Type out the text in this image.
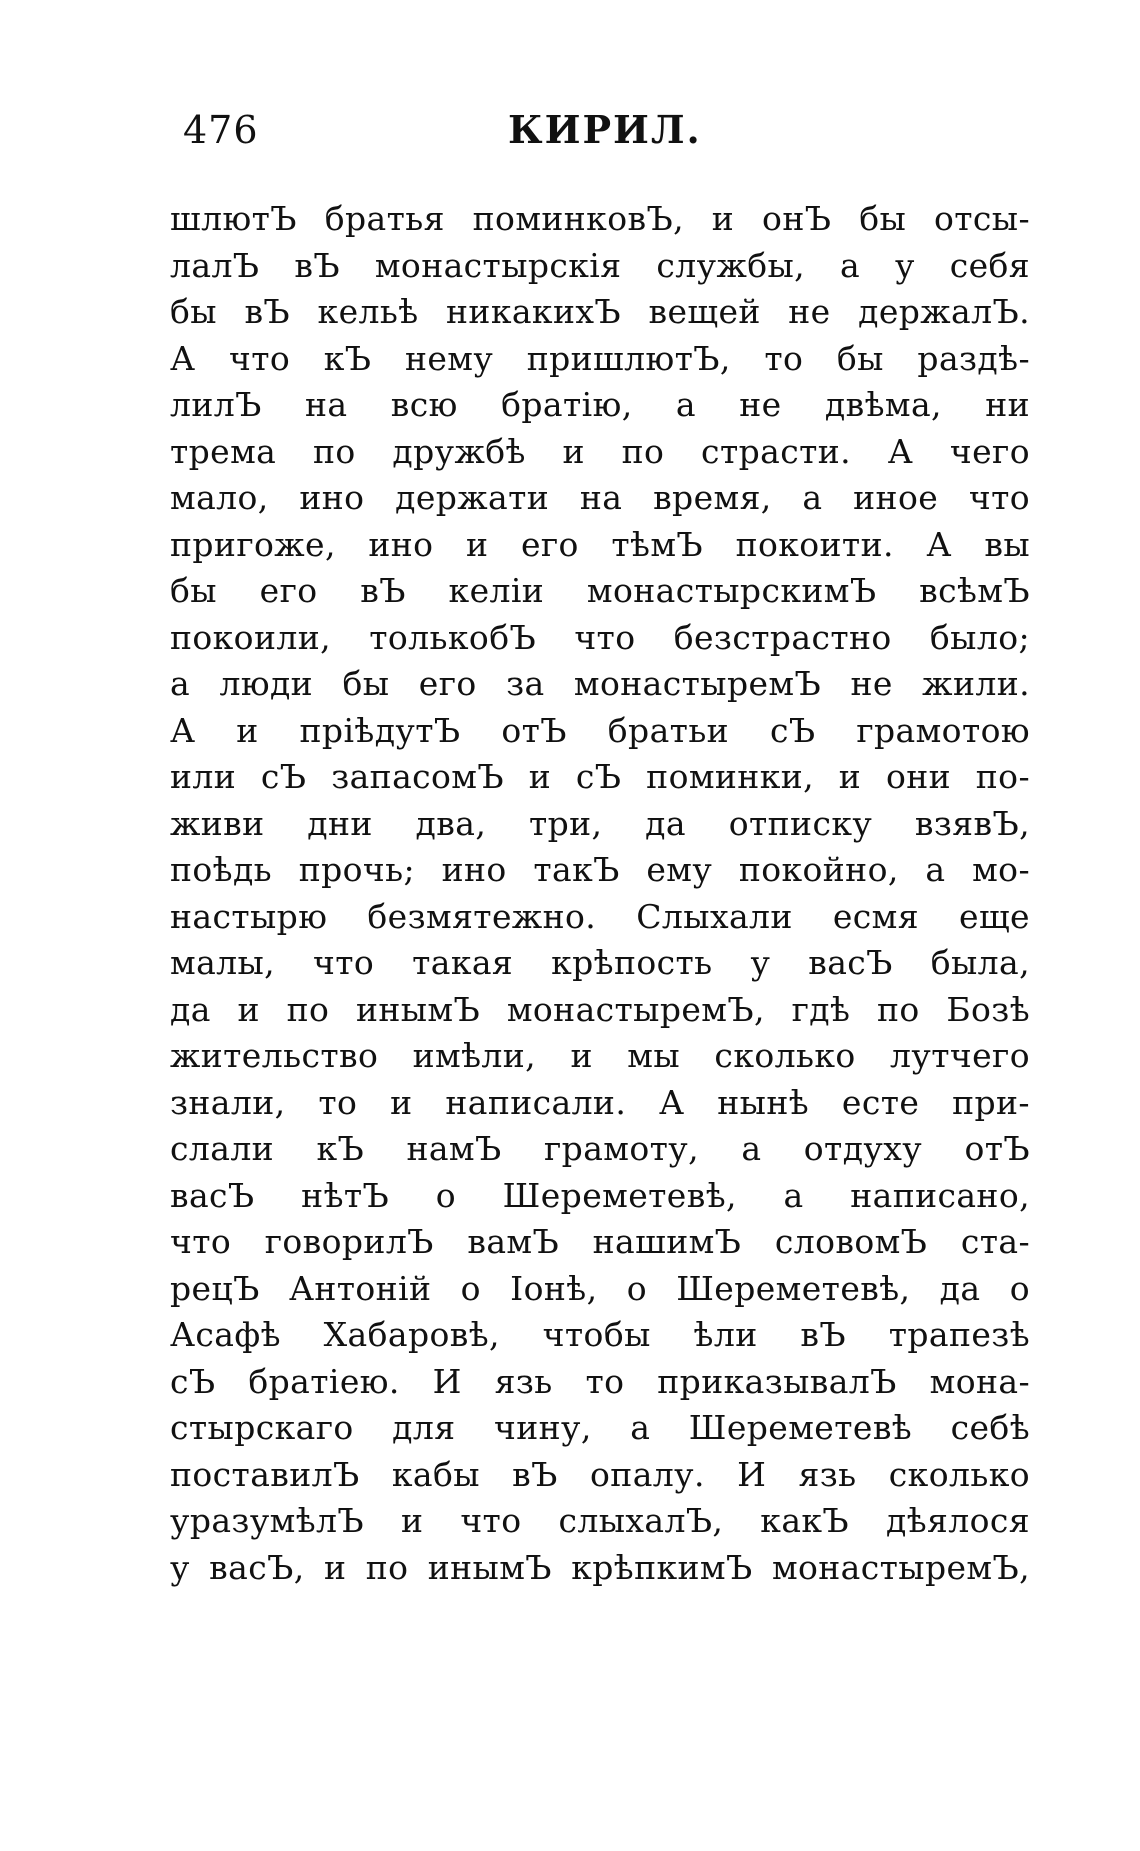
476	КИРИЛ.
шлютЪ братья поминковЪ, и онЪ бы отсы-
лалЪ вЪ монастырскія службы, а у себя
бы вЪ кельѣ никакихЪ вещей не держалЪ.
А что кЪ нему пришлютЪ, то бы раздѣ-
лилЪ на всю братію, а не двѣма, ни
трема по дружбѣ и по страсти. А чего
мало, ино держати на время, а иное что
пригоже, ино и его тѣмЪ покоити. А вы
бы его вЪ келіи монастырскимЪ всѣмЪ
покоили, толькобЪ что безстрастно было;
а люди бы его за монастыремЪ не жили.
А и пріѣдутЪ отЪ братьи сЪ грамотою
или сЪ запасомЪ и сЪ поминки, и они по-
живи дни два, три, да отписку взявЪ,
поѣдь прочь; ино такЪ ему покойно, а мо-
настырю безмятежно. Слыхали есмя еще
малы, что такая крѣпость у васЪ была,
да и по инымЪ монастыремЪ, гдѣ по Бозѣ
жительство имѣли, и мы сколько лутчего
знали, то и написали. А нынѣ есте при-
слали кЪ намЪ грамоту, а отдуху отЪ
васЪ нѣтЪ о Шереметевѣ, а написано,
что говорилЪ вамЪ нашимЪ словомЪ ста-
рецЪ Антоній о Іонѣ, о Шереметевѣ, да о
Асафѣ Хабаровѣ, чтобы ѣли вЪ трапезѣ
сЪ братіею. И язь то приказывалЪ мона-
стырскаго для чину, а Шереметевѣ себѣ
поставилЪ кабы вЪ опалу. И язь сколько
уразумѣлЪ и что слыхалЪ, какЪ дѣялося
у васЪ, и по инымЪ крѣпкимЪ монастыремЪ,
